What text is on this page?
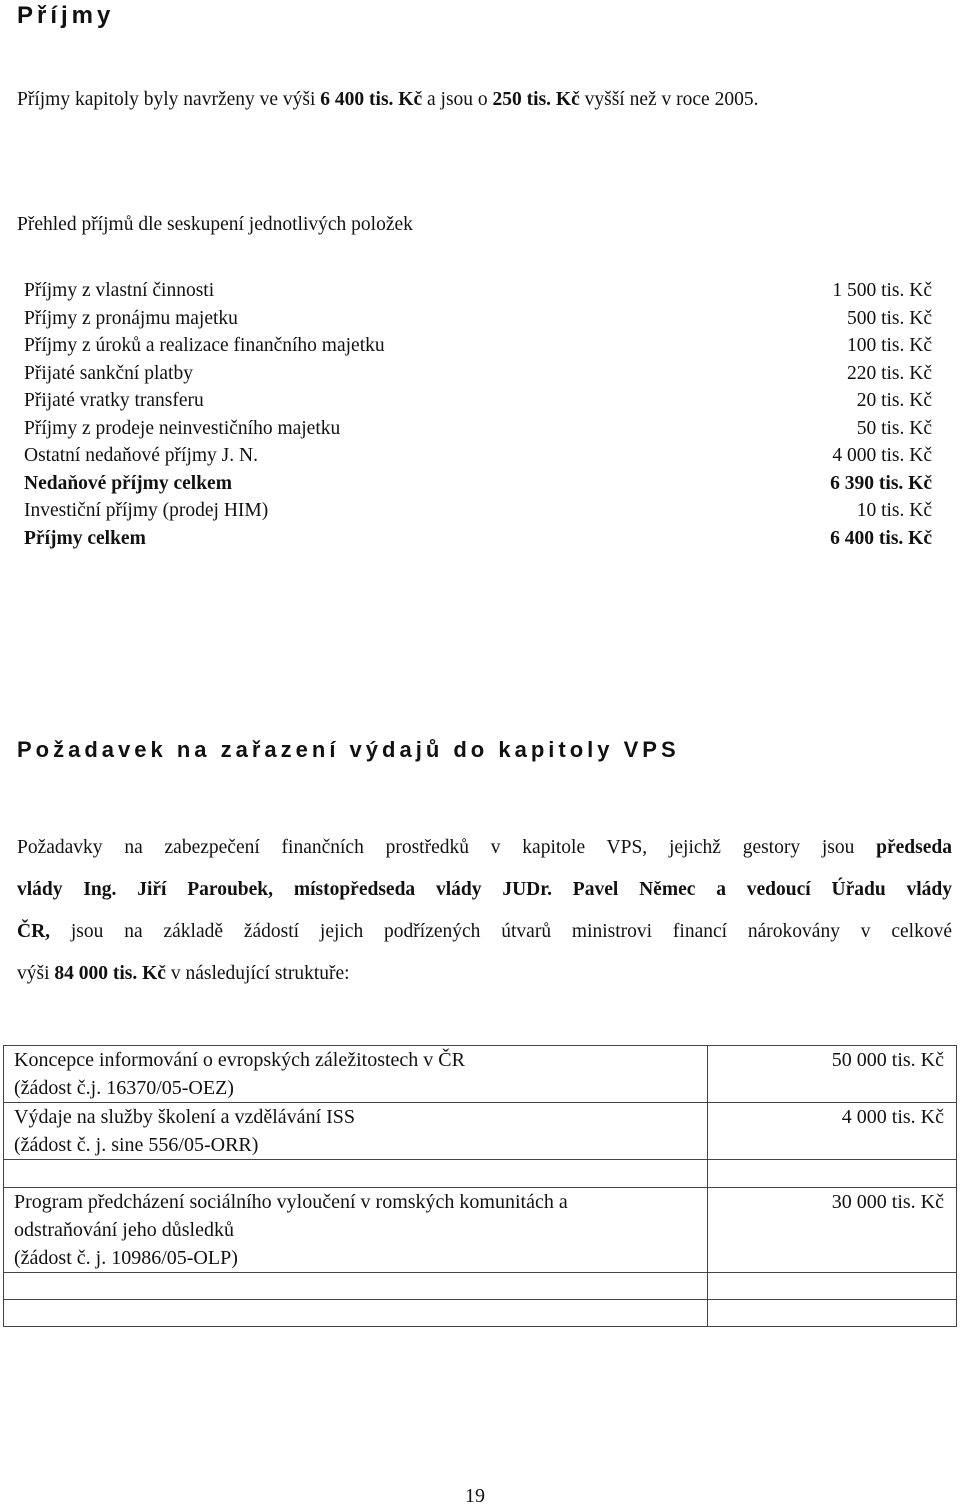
Příjmy
Příjmy kapitoly byly navrženy ve výši 6 400 tis. Kč a jsou o 250 tis. Kč vyšší než v roce 2005.
Přehled příjmů dle seskupení jednotlivých položek
Příjmy z vlastní činnosti	1 500 tis. Kč
Příjmy z pronájmu majetku	500 tis. Kč
Příjmy z úroků a realizace finančního majetku	100 tis. Kč
Přijaté sankční platby	220 tis. Kč
Přijaté vratky transferu	20 tis. Kč
Příjmy z prodeje neinvestičního majetku	50 tis. Kč
Ostatní nedaňové příjmy J. N.	4 000 tis. Kč
Nedaňové příjmy celkem	6 390 tis. Kč
Investiční příjmy (prodej HIM)	10 tis. Kč
Příjmy celkem	6 400 tis. Kč
Požadavek na zařazení výdajů do kapitoly VPS
Požadavky na zabezpečení finančních prostředků v kapitole VPS, jejichž gestory jsou předseda
vlády Ing. Jiří Paroubek, místopředseda vlády JUDr. Pavel Němec a vedoucí Úřadu vlády
ČR, jsou na základě žádostí jejich podřízených útvarů ministrovi financí nárokovány v celkové
výši 84 000 tis. Kč v následující struktuře:
Koncepce informování o evropských záležitostech v ČR
(žádost č.j. 16370/05-OEZ)	50 000 tis. Kč

Výdaje na služby školení a vzdělávání ISS
(žádost č. j. sine 556/05-ORR)	4 000 tis. Kč

Program předcházení sociálního vyloučení v romských komunitách a
odstraňování jeho důsledků
(žádost č. j. 10986/05-OLP)	30 000 tis. Kč

19
